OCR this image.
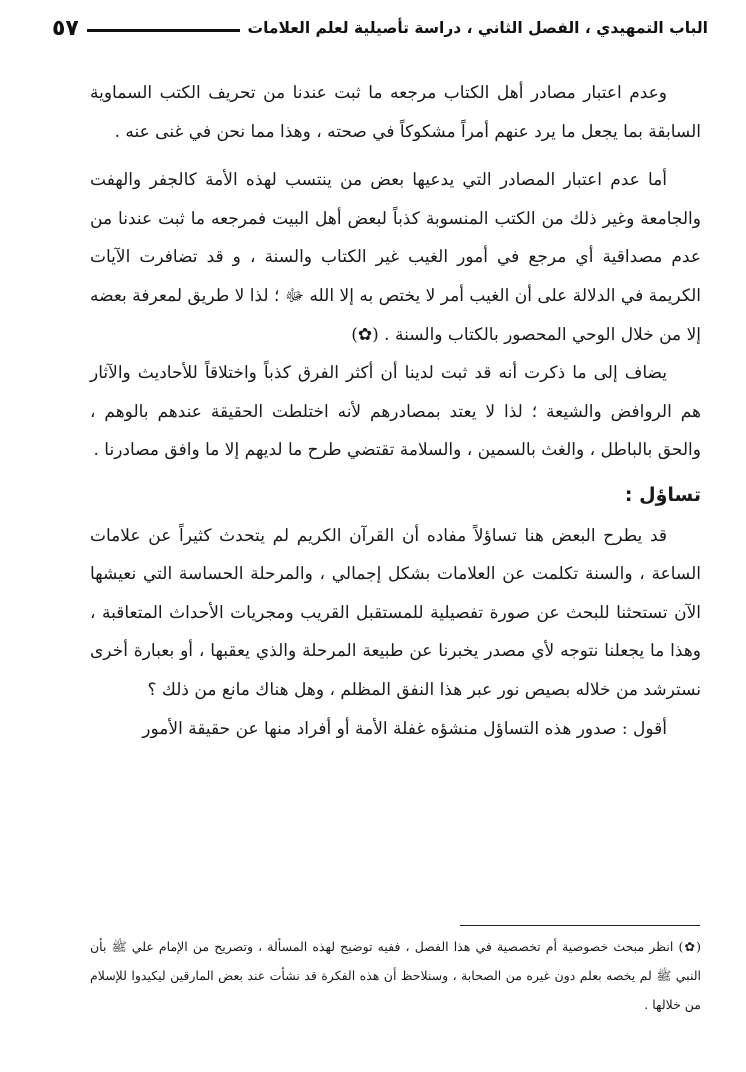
الباب التمهيدي ، الفصل الثاني ، دراسة تأصيلية لعلم العلامات
٥٧

وعدم اعتبار مصادر أهل الكتاب مرجعه ما ثبت عندنا من تحريف الكتب السماوية السابقة بما يجعل ما يرد عنهم أمراً مشكوكاً في صحته ، وهذا مما نحن في غنى عنه .

أما عدم اعتبار المصادر التي يدعيها بعض من ينتسب لهذه الأمة كالجفر والهفت والجامعة وغير ذلك من الكتب المنسوبة كذباً لبعض أهل البيت فمرجعه ما ثبت عندنا من عدم مصداقية أي مرجع في أمور الغيب غير الكتاب والسنة ، و قد تضافرت الآيات الكريمة في الدلالة على أن الغيب أمر لا يختص به إلا الله ﷻ ؛ لذا لا طريق لمعرفة بعضه إلا من خلال الوحي المحصور بالكتاب والسنة . (✿)

يضاف إلى ما ذكرت أنه قد ثبت لدينا أن أكثر الفرق كذباً واختلاقاً للأحاديث والآثار هم الروافض والشيعة ؛ لذا لا يعتد بمصادرهم لأنه اختلطت الحقيقة عندهم بالوهم ، والحق بالباطل ، والغث بالسمين ، والسلامة تقتضي طرح ما لديهم إلا ما وافق مصادرنا .

تساؤل :

قد يطرح البعض هنا تساؤلاً مفاده أن القرآن الكريم لم يتحدث كثيراً عن علامات الساعة ، والسنة تكلمت عن العلامات بشكل إجمالي ، والمرحلة الحساسة التي نعيشها الآن تستحثنا للبحث عن صورة تفصيلية للمستقبل القريب ومجريات الأحداث المتعاقبة ، وهذا ما يجعلنا نتوجه لأي مصدر يخبرنا عن طبيعة المرحلة والذي يعقبها ، أو بعبارة أخرى نسترشد من خلاله بصيص نور عبر هذا النفق المظلم ، وهل هناك مانع من ذلك ؟

أقول : صدور هذه التساؤل منشؤه غفلة الأمة أو أفراد منها عن حقيقة الأمور

(✿) انظر مبحث خصوصية أم تخصصية في هذا الفصل ، ففيه توضيح لهذه المسألة ، وتصريح من الإمام علي ﷺ بأن النبي ﷺ لم يخصه بعلم دون غيره من الصحابة ، وسنلاحظ أن هذه الفكرة قد نشأت عند بعض المارقين ليكيدوا للإسلام من خلالها .
